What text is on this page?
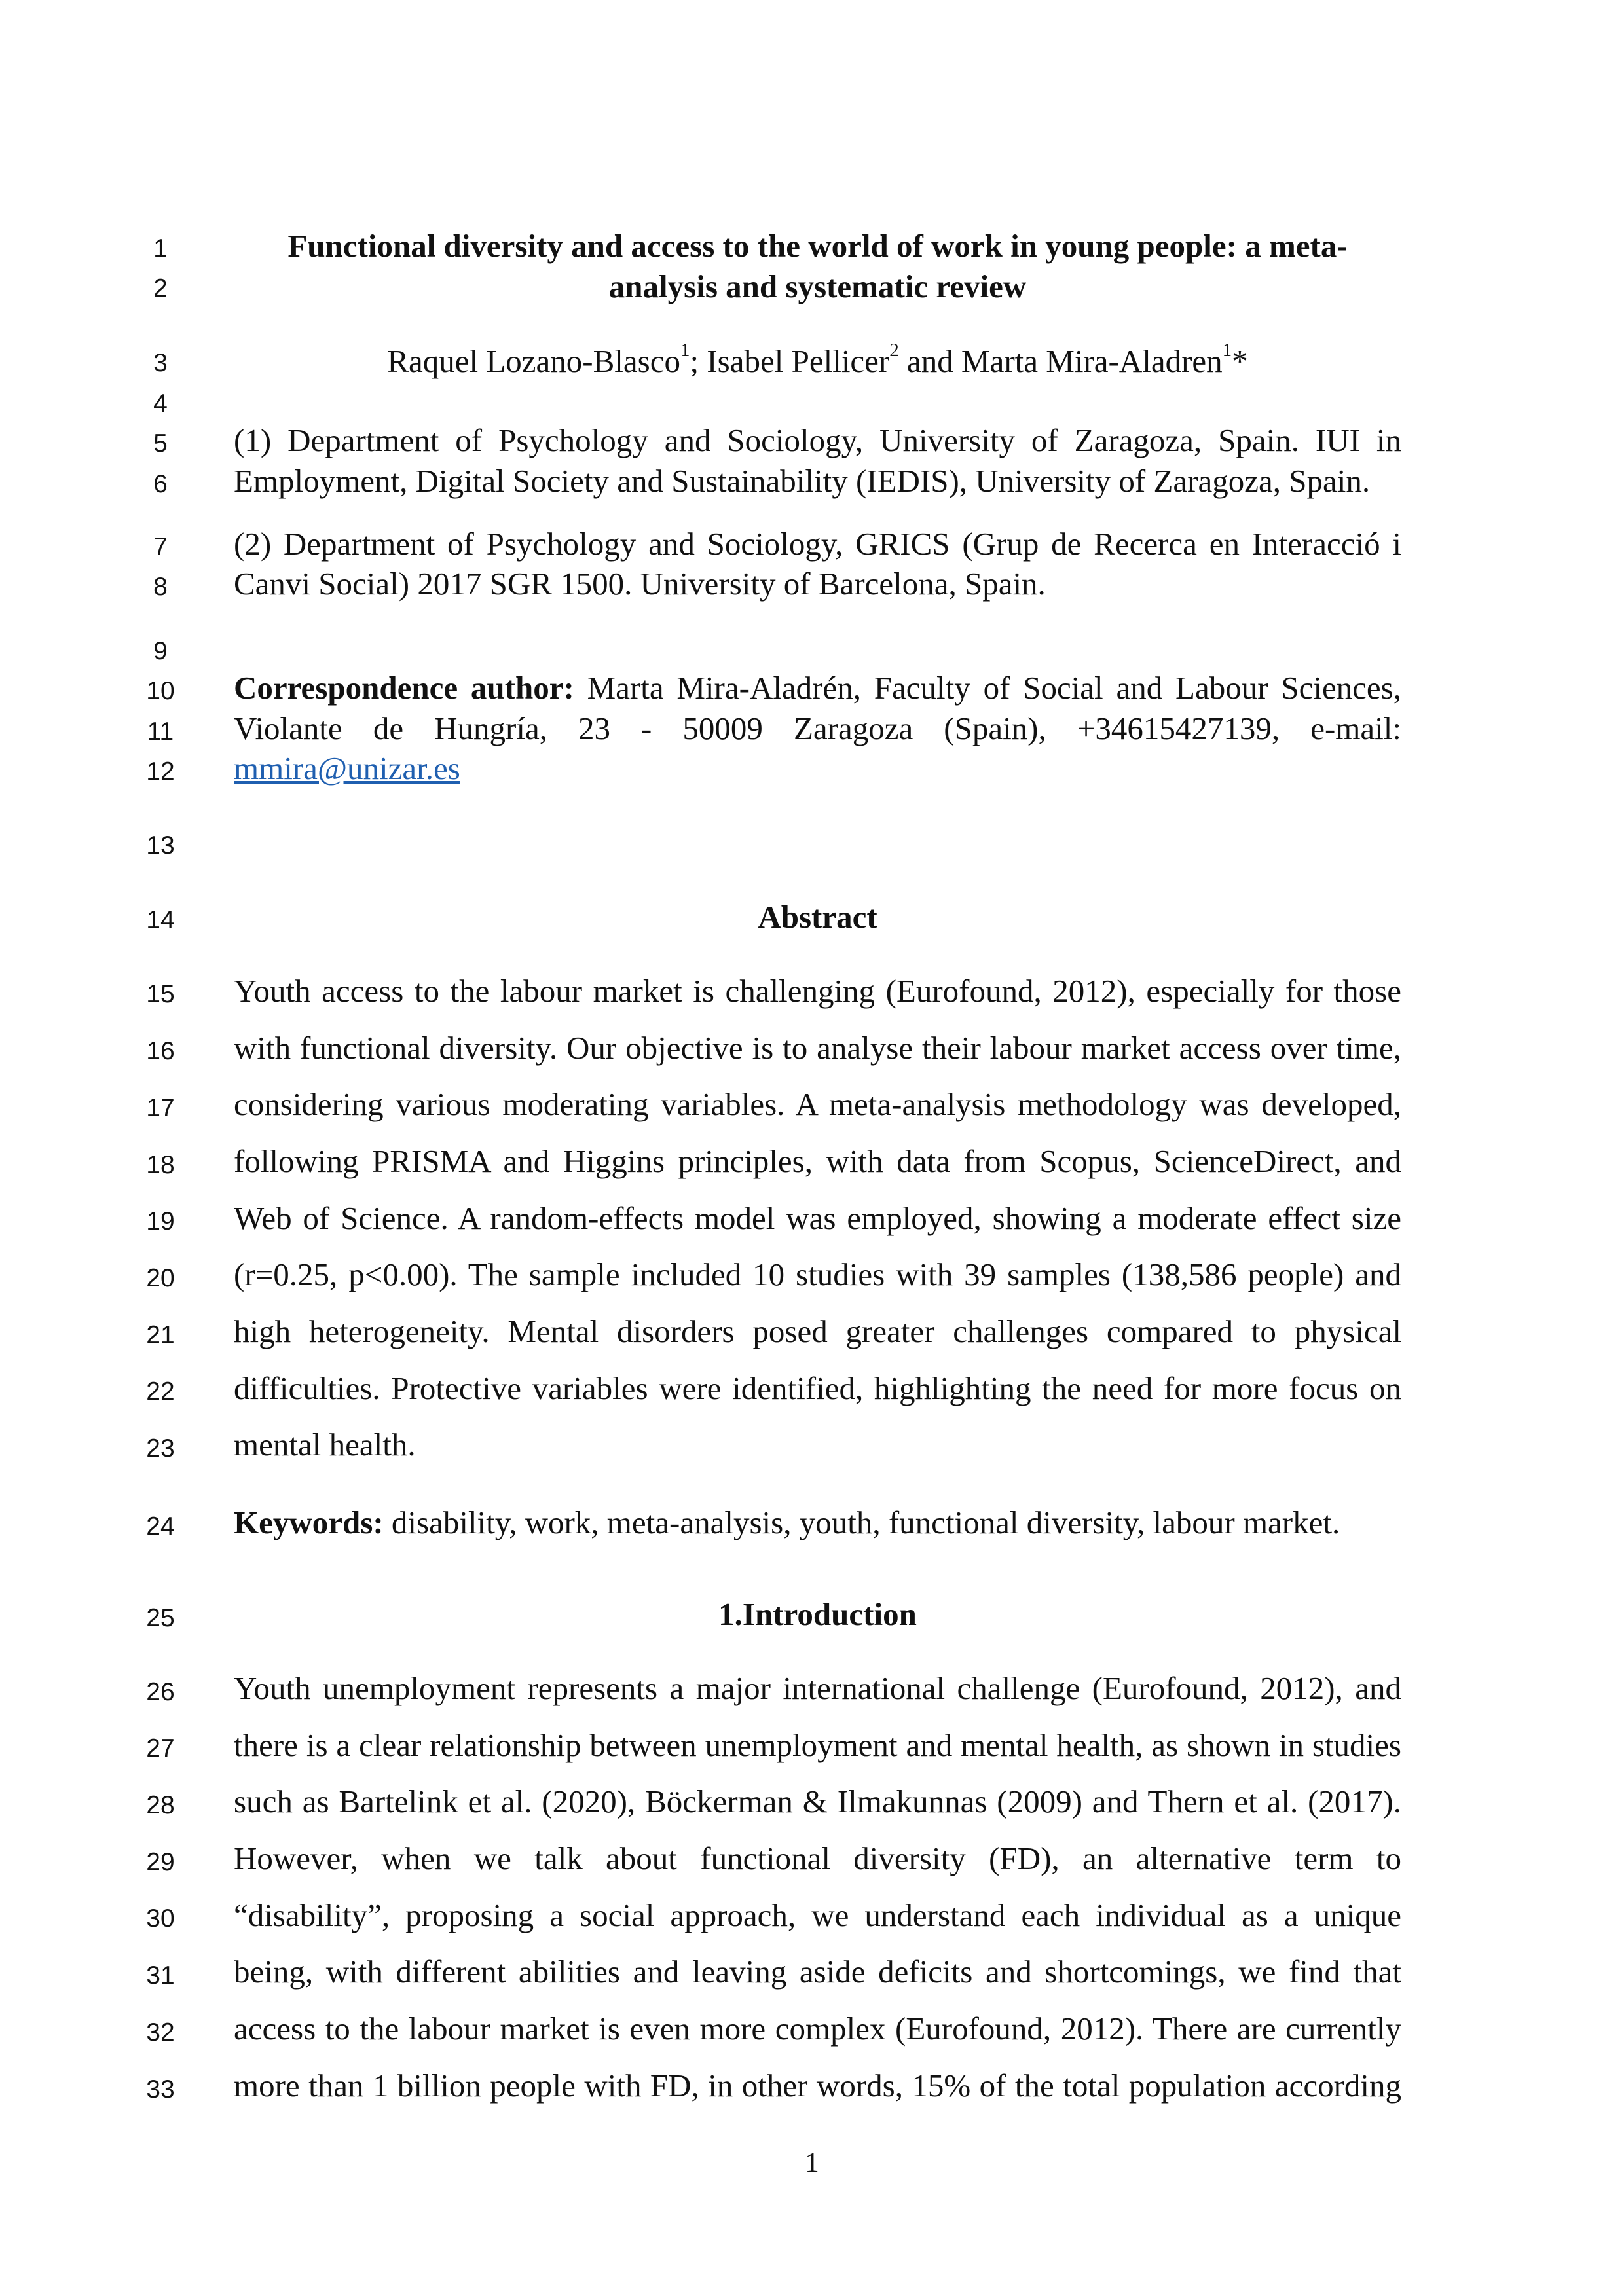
1
2
3
4
5
6
7
8
9
10
11
12
13
14
15
16
17
18
19
20
21
22
23
24
25
26
27
28
29
30
31
32
33
Functional diversity and access to the world of work in young people: a meta-
analysis and systematic review
Raquel Lozano-Blasco$^1$; Isabel Pellicer$^2$ and Marta Mira-Aladren$^1$*
(1) Department of Psychology and Sociology, University of Zaragoza, Spain. IUI in
Employment, Digital Society and Sustainability (IEDIS), University of Zaragoza, Spain.
(2) Department of Psychology and Sociology, GRICS (Grup de Recerca en Interacció i
Canvi Social) 2017 SGR 1500. University of Barcelona, Spain.
Correspondence author: Marta Mira-Aladrén, Faculty of Social and Labour Sciences,
Violante de Hungría, 23 - 50009 Zaragoza (Spain), +34615427139, e-mail:
mmira@unizar.es
Abstract
Youth access to the labour market is challenging (Eurofound, 2012), especially for those
with functional diversity. Our objective is to analyse their labour market access over time,
considering various moderating variables. A meta-analysis methodology was developed,
following PRISMA and Higgins principles, with data from Scopus, ScienceDirect, and
Web of Science. A random-effects model was employed, showing a moderate effect size
(r=0.25, p<0.00). The sample included 10 studies with 39 samples (138,586 people) and
high heterogeneity. Mental disorders posed greater challenges compared to physical
difficulties. Protective variables were identified, highlighting the need for more focus on
mental health.
Keywords: disability, work, meta-analysis, youth, functional diversity, labour market.
1.Introduction
Youth unemployment represents a major international challenge (Eurofound, 2012), and
there is a clear relationship between unemployment and mental health, as shown in studies
such as Bartelink et al. (2020), Böckerman & Ilmakunnas (2009) and Thern et al. (2017).
However, when we talk about functional diversity (FD), an alternative term to
“disability”, proposing a social approach, we understand each individual as a unique
being, with different abilities and leaving aside deficits and shortcomings, we find that
access to the labour market is even more complex (Eurofound, 2012). There are currently
more than 1 billion people with FD, in other words, 15% of the total population according
1
